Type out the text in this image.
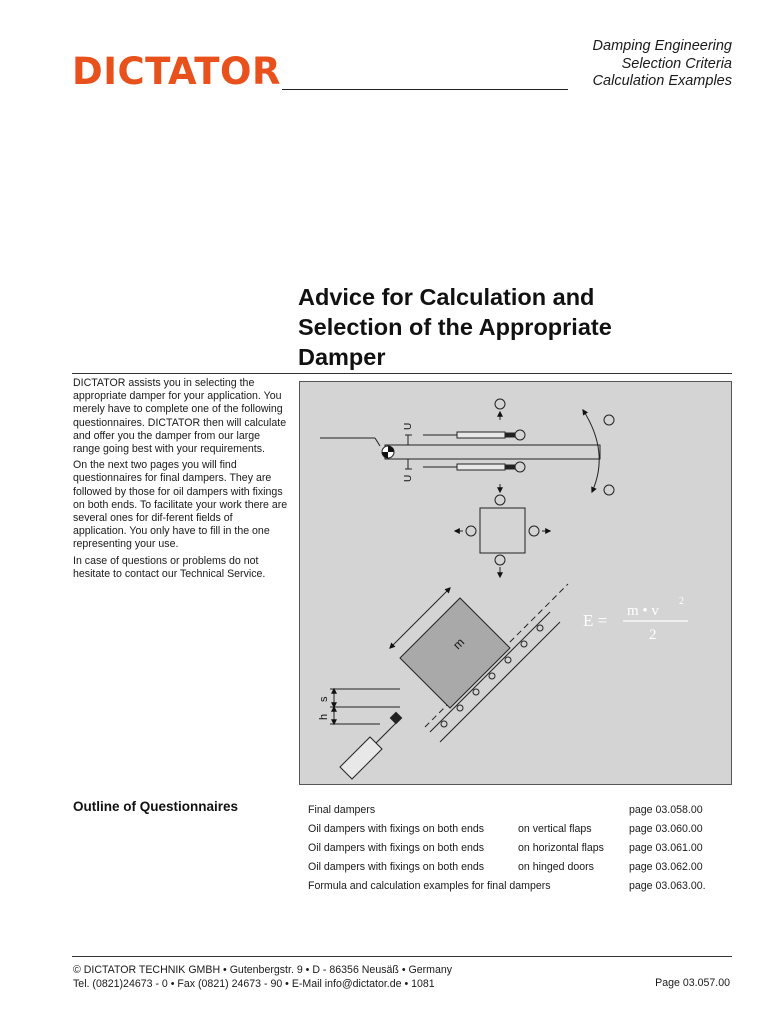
DICTATOR
Damping Engineering
Selection Criteria
Calculation Examples
Advice for Calculation and
Selection of the Appropriate
Damper

DICTATOR assists you in selecting the appropriate damper for your application. You merely have to complete one of the following questionnaires. DICTATOR then will calculate and offer you the damper from our large range going best with your requirements.

On the next two pages you will find questionnaires for final dampers. They are followed by those for oil dampers with fixings on both ends. To facilitate your work there are several ones for dif-ferent fields of application. You only have to fill in the one representing your use.

In case of questions or problems do not hesitate to contact our Technical Service.

U
U
E = m • v
2
2
m
s
h
Outline of Questionnaires	Final dampers	page 03.058.00
Oil dampers with fixings on both ends	on vertical flaps	page 03.060.00
Oil dampers with fixings on both ends	on horizontal flaps page 03.061.00
Oil dampers with fixings on both ends	on hinged doors	page 03.062.00
Formula and calculation examples for final dampers	page 03.063.00.
© DICTATOR TECHNIK GMBH • Gutenbergstr. 9 • D - 86356 Neusäß • Germany
Tel. (0821)24673 - 0 • Fax (0821) 24673 - 90 • E-Mail info@dictator.de • 1081	Page 03.057.00
